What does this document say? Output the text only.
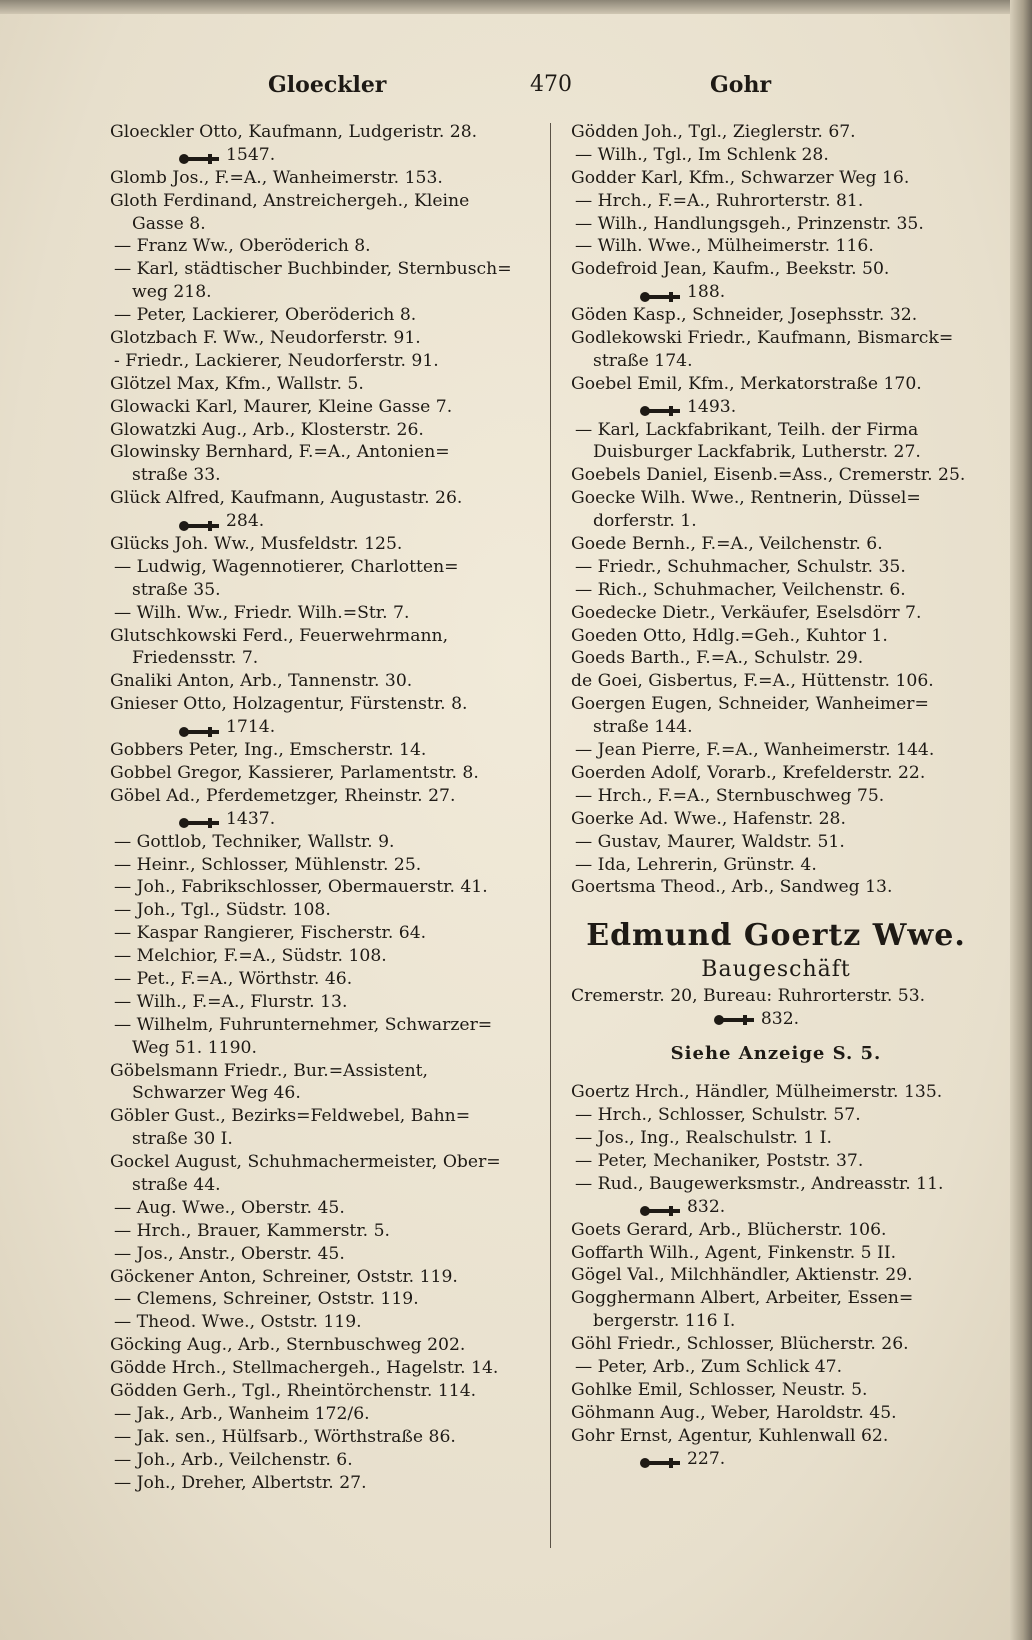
Gloeckler	470	Gohr
Gloeckler Otto, Kaufmann, Ludgeristr. 28.
1547.
Glomb Jos., F.=A., Wanheimerstr. 153.
Gloth Ferdinand, Anstreichergeh., Kleine
Gasse 8.
— Franz Ww., Oberöderich 8.
— Karl, städtischer Buchbinder, Sternbusch=
weg 218.
— Peter, Lackierer, Oberöderich 8.
Glotzbach F. Ww., Neudorferstr. 91.
- Friedr., Lackierer, Neudorferstr. 91.
Glötzel Max, Kfm., Wallstr. 5.
Glowacki Karl, Maurer, Kleine Gasse 7.
Glowatzki Aug., Arb., Klosterstr. 26.
Glowinsky Bernhard, F.=A., Antonien=
straße 33.
Glück Alfred, Kaufmann, Augustastr. 26.
284.
Glücks Joh. Ww., Musfeldstr. 125.
— Ludwig, Wagennotierer, Charlotten=
straße 35.
— Wilh. Ww., Friedr. Wilh.=Str. 7.
Glutschkowski Ferd., Feuerwehrmann,
Friedensstr. 7.
Gnaliki Anton, Arb., Tannenstr. 30.
Gnieser Otto, Holzagentur, Fürstenstr. 8.
1714.
Gobbers Peter, Ing., Emscherstr. 14.
Gobbel Gregor, Kassierer, Parlamentstr. 8.
Göbel Ad., Pferdemetzger, Rheinstr. 27.
1437.
— Gottlob, Techniker, Wallstr. 9.
— Heinr., Schlosser, Mühlenstr. 25.
— Joh., Fabrikschlosser, Obermauerstr. 41.
— Joh., Tgl., Südstr. 108.
— Kaspar Rangierer, Fischerstr. 64.
— Melchior, F.=A., Südstr. 108.
— Pet., F.=A., Wörthstr. 46.
— Wilh., F.=A., Flurstr. 13.
— Wilhelm, Fuhrunternehmer, Schwarzer=
Weg 51. 1190.
Göbelsmann Friedr., Bur.=Assistent,
Schwarzer Weg 46.
Göbler Gust., Bezirks=Feldwebel, Bahn=
straße 30 I.
Gockel August, Schuhmachermeister, Ober=
straße 44.
— Aug. Wwe., Oberstr. 45.
— Hrch., Brauer, Kammerstr. 5.
— Jos., Anstr., Oberstr. 45.
Göckener Anton, Schreiner, Oststr. 119.
— Clemens, Schreiner, Oststr. 119.
— Theod. Wwe., Oststr. 119.
Göcking Aug., Arb., Sternbuschweg 202.
Gödde Hrch., Stellmachergeh., Hagelstr. 14.
Gödden Gerh., Tgl., Rheintörchenstr. 114.
— Jak., Arb., Wanheim 172/6.
— Jak. sen., Hülfsarb., Wörthstraße 86.
— Joh., Arb., Veilchenstr. 6.
— Joh., Dreher, Albertstr. 27.
Gödden Joh., Tgl., Zieglerstr. 67.
— Wilh., Tgl., Im Schlenk 28.
Godder Karl, Kfm., Schwarzer Weg 16.
— Hrch., F.=A., Ruhrorterstr. 81.
— Wilh., Handlungsgeh., Prinzenstr. 35.
— Wilh. Wwe., Mülheimerstr. 116.
Godefroid Jean, Kaufm., Beekstr. 50.
188.
Göden Kasp., Schneider, Josephsstr. 32.
Godlekowski Friedr., Kaufmann, Bismarck=
straße 174.
Goebel Emil, Kfm., Merkatorstraße 170.
1493.
— Karl, Lackfabrikant, Teilh. der Firma
Duisburger Lackfabrik, Lutherstr. 27.
Goebels Daniel, Eisenb.=Ass., Cremerstr. 25.
Goecke Wilh. Wwe., Rentnerin, Düssel=
dorferstr. 1.
Goede Bernh., F.=A., Veilchenstr. 6.
— Friedr., Schuhmacher, Schulstr. 35.
— Rich., Schuhmacher, Veilchenstr. 6.
Goedecke Dietr., Verkäufer, Eselsdörr 7.
Goeden Otto, Hdlg.=Geh., Kuhtor 1.
Goeds Barth., F.=A., Schulstr. 29.
de Goei, Gisbertus, F.=A., Hüttenstr. 106.
Goergen Eugen, Schneider, Wanheimer=
straße 144.
— Jean Pierre, F.=A., Wanheimerstr. 144.
Goerden Adolf, Vorarb., Krefelderstr. 22.
— Hrch., F.=A., Sternbuschweg 75.
Goerke Ad. Wwe., Hafenstr. 28.
— Gustav, Maurer, Waldstr. 51.
— Ida, Lehrerin, Grünstr. 4.
Goertsma Theod., Arb., Sandweg 13.
Edmund Goertz Wwe.
Baugeschäft
Cremerstr. 20, Bureau: Ruhrorterstr. 53.
832.
Siehe Anzeige S. 5.
Goertz Hrch., Händler, Mülheimerstr. 135.
— Hrch., Schlosser, Schulstr. 57.
— Jos., Ing., Realschulstr. 1 I.
— Peter, Mechaniker, Poststr. 37.
— Rud., Baugewerksmstr., Andreasstr. 11.
832.
Goets Gerard, Arb., Blücherstr. 106.
Goffarth Wilh., Agent, Finkenstr. 5 II.
Gögel Val., Milchhändler, Aktienstr. 29.
Gogghermann Albert, Arbeiter, Essen=
bergerstr. 116 I.
Göhl Friedr., Schlosser, Blücherstr. 26.
— Peter, Arb., Zum Schlick 47.
Gohlke Emil, Schlosser, Neustr. 5.
Göhmann Aug., Weber, Haroldstr. 45.
Gohr Ernst, Agentur, Kuhlenwall 62.
227.
